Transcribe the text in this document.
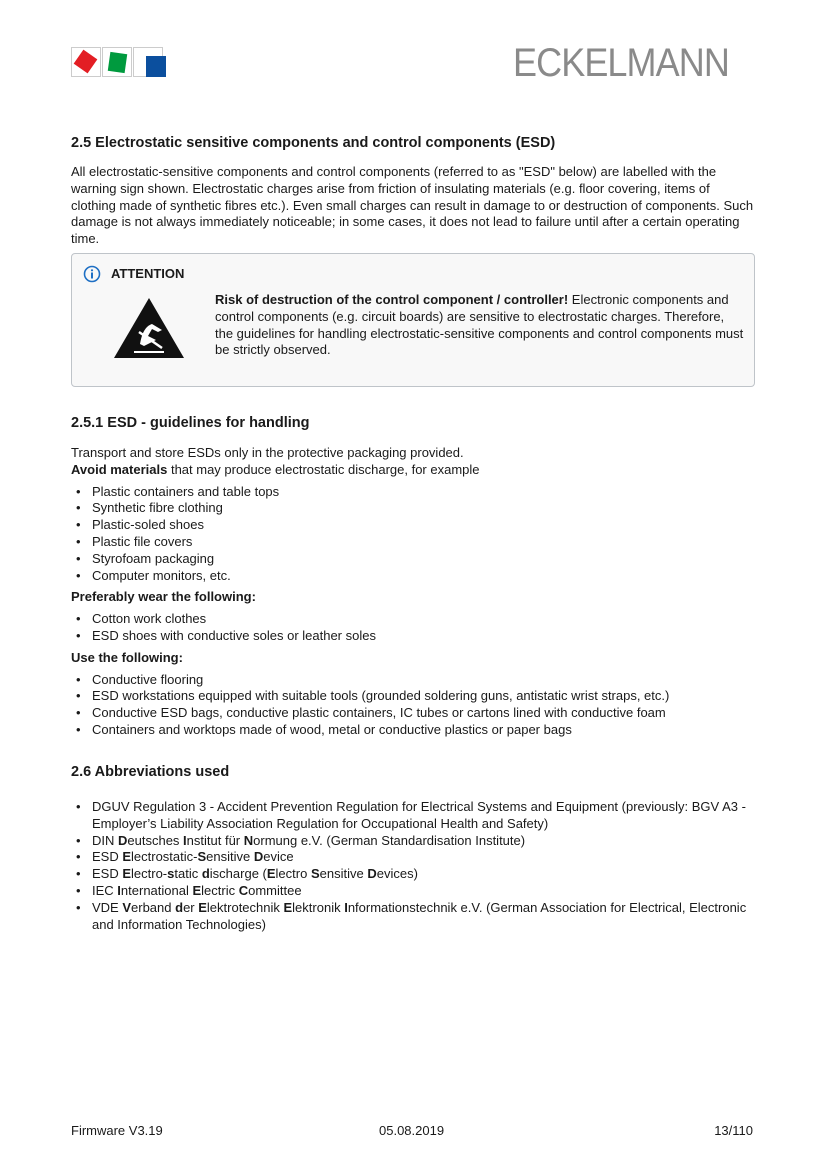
ECKELMANN
2.5 Electrostatic sensitive components and control components (ESD)

All electrostatic-sensitive components and control components (referred to as "ESD" below) are labelled with the warning sign shown. Electrostatic charges arise from friction of insulating materials (e.g. floor covering, items of clothing made of synthetic fibres etc.). Even small charges can result in damage to or destruction of components. Such damage is not always immediately noticeable; in some cases, it does not lead to failure until after a certain operating time.

ATTENTION

Risk of destruction of the control component / controller! Electronic components and control components (e.g. circuit boards) are sensitive to electrostatic charges. Therefore, the guidelines for handling electrostatic-sensitive components and control components must be strictly observed.

2.5.1 ESD - guidelines for handling

Transport and store ESDs only in the protective packaging provided.

Avoid materials that may produce electrostatic discharge, for example

• Plastic containers and table tops
• Synthetic fibre clothing
• Plastic-soled shoes
• Plastic file covers
• Styrofoam packaging
• Computer monitors, etc.
Preferably wear the following:
• Cotton work clothes
• ESD shoes with conductive soles or leather soles
Use the following:
• Conductive flooring
• ESD workstations equipped with suitable tools (grounded soldering guns, antistatic wrist straps, etc.)
• Conductive ESD bags, conductive plastic containers, IC tubes or cartons lined with conductive foam
• Containers and worktops made of wood, metal or conductive plastics or paper bags
2.6 Abbreviations used
• DGUV Regulation 3 - Accident Prevention Regulation for Electrical Systems and Equipment (previously: BGV A3 - Employer’s Liability Association Regulation for Occupational Health and Safety)
• DIN Deutsches Institut für Normung e.V. (German Standardisation Institute)
• ESD Electrostatic-Sensitive Device
• ESD Electro-static discharge (Electro Sensitive Devices)
• IEC International Electric Committee
• VDE Verband der Elektrotechnik Elektronik Informationstechnik e.V. (German Association for Electrical, Electronic and Information Technologies)
Firmware V3.19	05.08.2019	13/110
